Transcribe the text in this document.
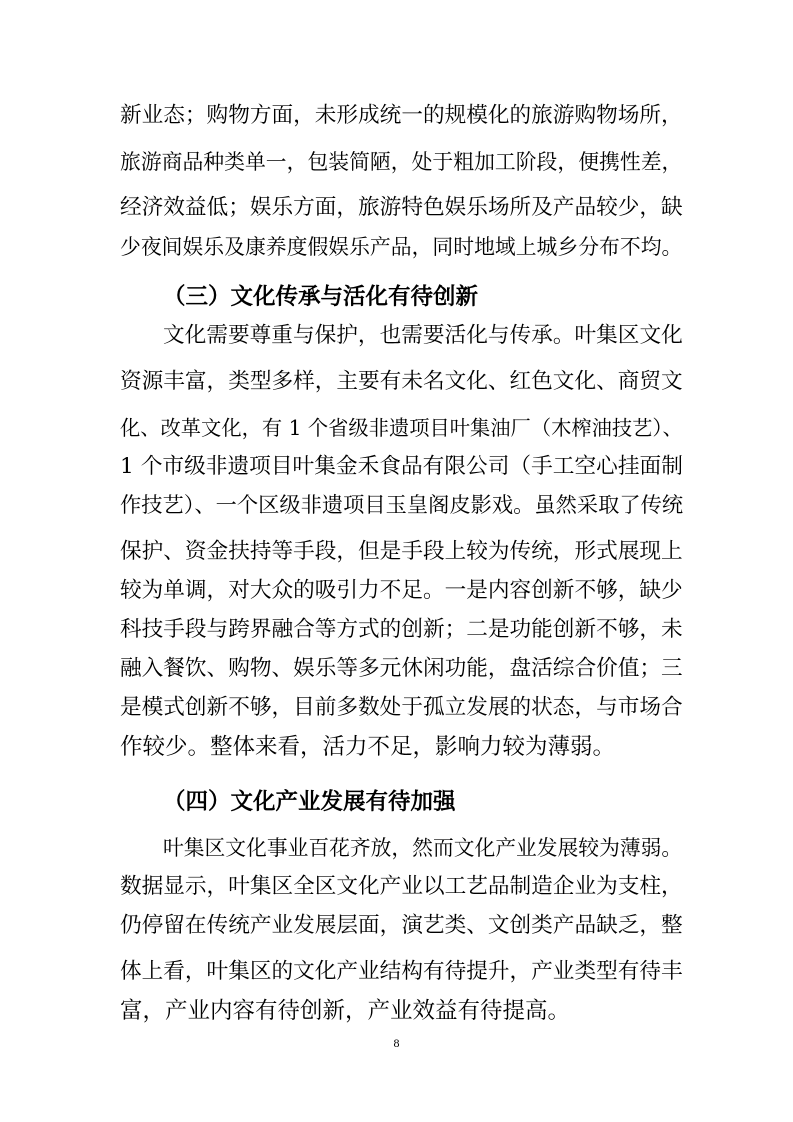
新业态；购物方面，未形成统一的规模化的旅游购物场所，
旅游商品种类单一，包装简陋，处于粗加工阶段，便携性差，
经济效益低；娱乐方面，旅游特色娱乐场所及产品较少，缺
少夜间娱乐及康养度假娱乐产品，同时地域上城乡分布不均。
（三）文化传承与活化有待创新
文化需要尊重与保护，也需要活化与传承。叶集区文化
资源丰富，类型多样，主要有未名文化、红色文化、商贸文
化、改革文化，有 1 个省级非遗项目叶集油厂（木榨油技艺）、
1 个市级非遗项目叶集金禾食品有限公司（手工空心挂面制
作技艺）、一个区级非遗项目玉皇阁皮影戏。虽然采取了传统
保护、资金扶持等手段，但是手段上较为传统，形式展现上
较为单调，对大众的吸引力不足。一是内容创新不够，缺少
科技手段与跨界融合等方式的创新；二是功能创新不够，未
融入餐饮、购物、娱乐等多元休闲功能，盘活综合价值；三
是模式创新不够，目前多数处于孤立发展的状态，与市场合
作较少。整体来看，活力不足，影响力较为薄弱。
（四）文化产业发展有待加强
叶集区文化事业百花齐放，然而文化产业发展较为薄弱。
数据显示，叶集区全区文化产业以工艺品制造企业为支柱，
仍停留在传统产业发展层面，演艺类、文创类产品缺乏，整
体上看，叶集区的文化产业结构有待提升，产业类型有待丰
富，产业内容有待创新，产业效益有待提高。
8
